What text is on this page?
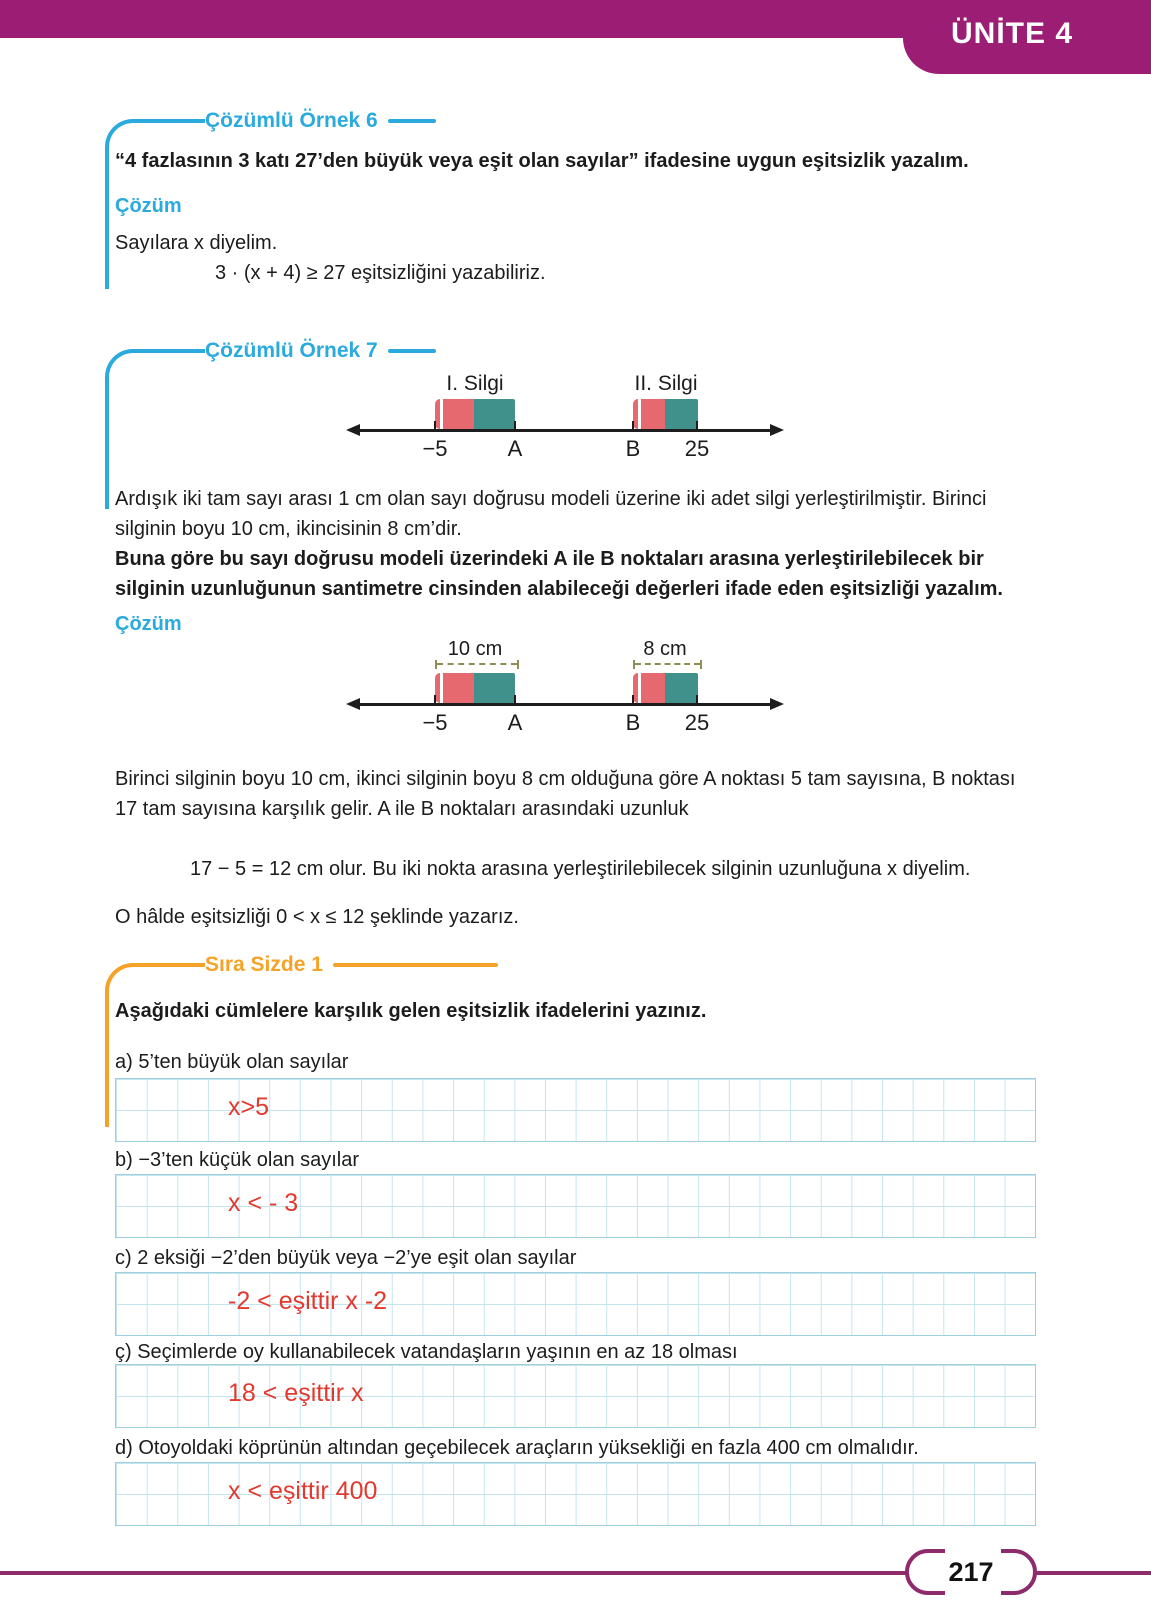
ÜNİTE 4
Çözümlü Örnek 6

“4 fazlasının 3 katı 27’den büyük veya eşit olan sayılar” ifadesine uygun eşitsizlik yazalım.

Çözüm

Sayılara x diyelim.

3 · (x + 4) ≥ 27 eşitsizliğini yazabiliriz.

Çözümlü Örnek 7
I. Silgi	II. Silgi
−5	A	B 25

Ardışık iki tam sayı arası 1 cm olan sayı doğrusu modeli üzerine iki adet silgi yerleştirilmiştir. Birinci silginin boyu 10 cm, ikincisinin 8 cm’dir.

Buna göre bu sayı doğrusu modeli üzerindeki A ile B noktaları arasına yerleştirilebilecek bir silginin uzunluğunun santimetre cinsinden alabileceği değerleri ifade eden eşitsizliği yazalım.

Çözüm

10 cm	8 cm
−5	A	B 25

Birinci silginin boyu 10 cm, ikinci silginin boyu 8 cm olduğuna göre A noktası 5 tam sayısına, B noktası 17 tam sayısına karşılık gelir. A ile B noktaları arasındaki uzunluk

17 − 5 = 12 cm olur. Bu iki nokta arasına yerleştirilebilecek silginin uzunluğuna x diyelim.

O hâlde eşitsizliği 0 < x ≤ 12 şeklinde yazarız.

Sıra Sizde 1

Aşağıdaki cümlelere karşılık gelen eşitsizlik ifadelerini yazınız.

a) 5’ten büyük olan sayılar

x>5

b) −3’ten küçük olan sayılar

x < - 3

c) 2 eksiği −2’den büyük veya −2’ye eşit olan sayılar

-2 < eşittir x -2

ç) Seçimlerde oy kullanabilecek vatandaşların yaşının en az 18 olması

18 < eşittir x

d) Otoyoldaki köprünün altından geçebilecek araçların yüksekliği en fazla 400 cm olmalıdır.

x < eşittir 400
217
